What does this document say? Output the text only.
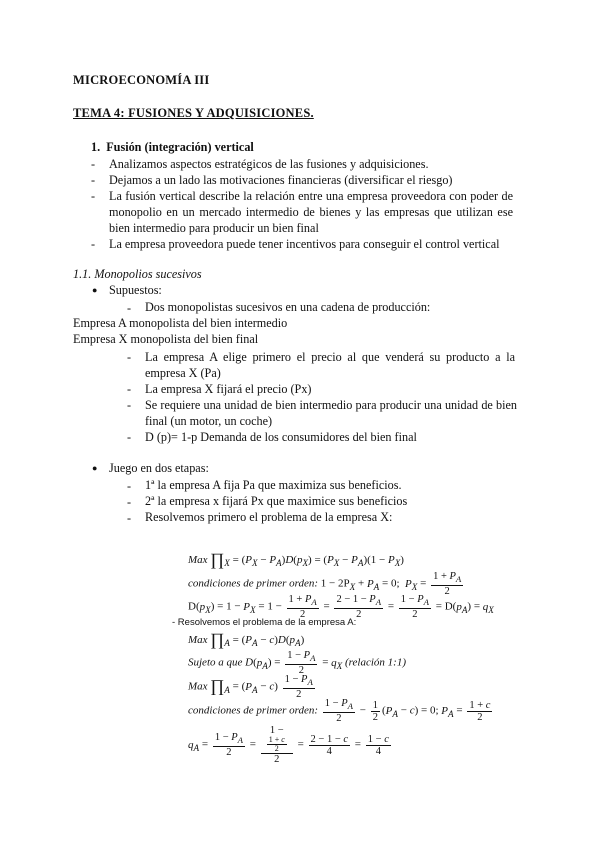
MICROECONOMÍA III
TEMA 4: FUSIONES Y ADQUISICIONES.
1. Fusión (integración) vertical
- Analizamos aspectos estratégicos de las fusiones y adquisiciones.
- Dejamos a un lado las motivaciones financieras (diversificar el riesgo)
- La fusión vertical describe la relación entre una empresa proveedora con poder de monopolio en un mercado intermedio de bienes y las empresas que utilizan ese bien intermedio para producir un bien final
- La empresa proveedora puede tener incentivos para conseguir el control vertical
1.1. Monopolios sucesivos
● Supuestos:
- Dos monopolistas sucesivos en una cadena de producción:
Empresa A monopolista del bien intermedio
Empresa X monopolista del bien final
- La empresa A elige primero el precio al que venderá su producto a la empresa X (Pa)
- La empresa X fijará el precio (Px)
- Se requiere una unidad de bien intermedio para producir una unidad de bien final (un motor, un coche)
- D (p)= 1-p Demanda de los consumidores del bien final
● Juego en dos etapas:
- 1ª la empresa A fija Pa que maximiza sus beneficios.
- 2ª la empresa x fijará Px que maximice sus beneficios
- Resolvemos primero el problema de la empresa X:
Max $\prod_X = (P_X - P_A)D(p_X) = (P_X - P_A)(1 - P_X)$
condiciones de primer orden: $1 - 2P_X + P_A = 0$;  $P_X = \frac{1 + P_A}{2}$
$D(p_X) = 1 - P_X = 1 - \frac{1 + P_A}{2} = \frac{2 - 1 - P_A}{2} = \frac{1 - P_A}{2} = D(p_A) = q_X$
- Resolvemos el problema de la empresa A:
Max $\prod_A = (P_A - c)D(p_A)$
Sujeto a que $D(p_A) = \frac{1 - P_A}{2} = q_X$ (relación 1:1)
Max $\prod_A = (P_A - c) \frac{1 - P_A}{2}$
condiciones de primer orden: $\frac{1 - P_A}{2} - \frac{1}{2} (P_A - c) = 0$; $P_A = \frac{1 + c}{2}$
$q_A = \frac{1 - P_A}{2} = 1$ −
1 + c
2
$2 = \frac{2 - 1 - c}{4} = \frac{1 - c}{4}$
